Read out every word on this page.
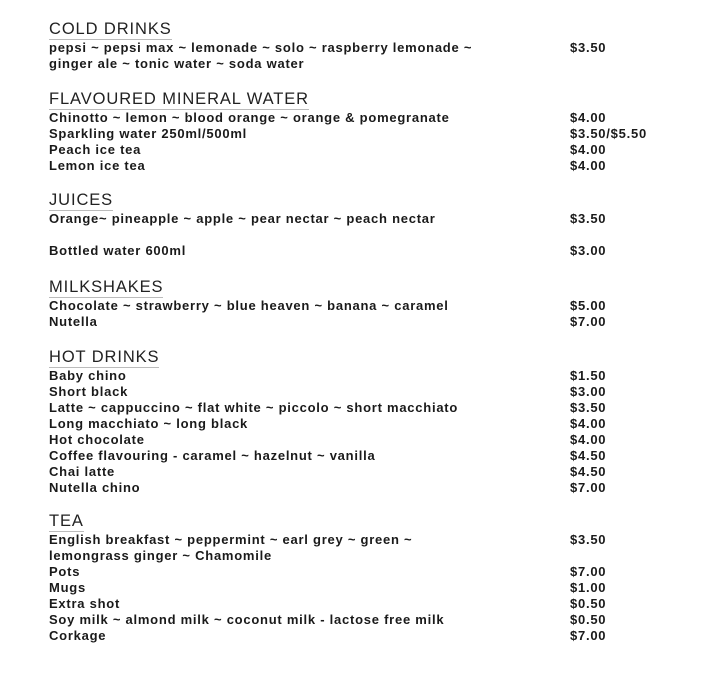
COLD DRINKS
pepsi ~ pepsi max ~ lemonade ~ solo ~ raspberry lemonade ~	$3.50
ginger ale ~ tonic water ~ soda water
FLAVOURED MINERAL WATER
Chinotto ~ lemon ~ blood orange ~ orange & pomegranate	$4.00
Sparkling water 250ml/500ml	$3.50/$5.50
Peach ice tea	$4.00
Lemon ice tea	$4.00
JUICES
Orange~ pineapple ~ apple ~ pear nectar ~ peach nectar	$3.50
Bottled water 600ml	$3.00
MILKSHAKES
Chocolate ~ strawberry ~ blue heaven ~ banana ~ caramel	$5.00
Nutella	$7.00
HOT DRINKS
Baby chino	$1.50
Short black	$3.00
Latte ~ cappuccino ~ flat white ~ piccolo ~ short macchiato	$3.50
Long macchiato ~ long black	$4.00
Hot chocolate	$4.00
Coffee flavouring - caramel ~ hazelnut ~ vanilla	$4.50
Chai latte	$4.50
Nutella chino	$7.00
TEA
English breakfast ~ peppermint ~ earl grey ~ green ~	$3.50
lemongrass ginger ~ Chamomile
Pots	$7.00
Mugs	$1.00
Extra shot	$0.50
Soy milk ~ almond milk ~ coconut milk - lactose free milk	$0.50
Corkage	$7.00
